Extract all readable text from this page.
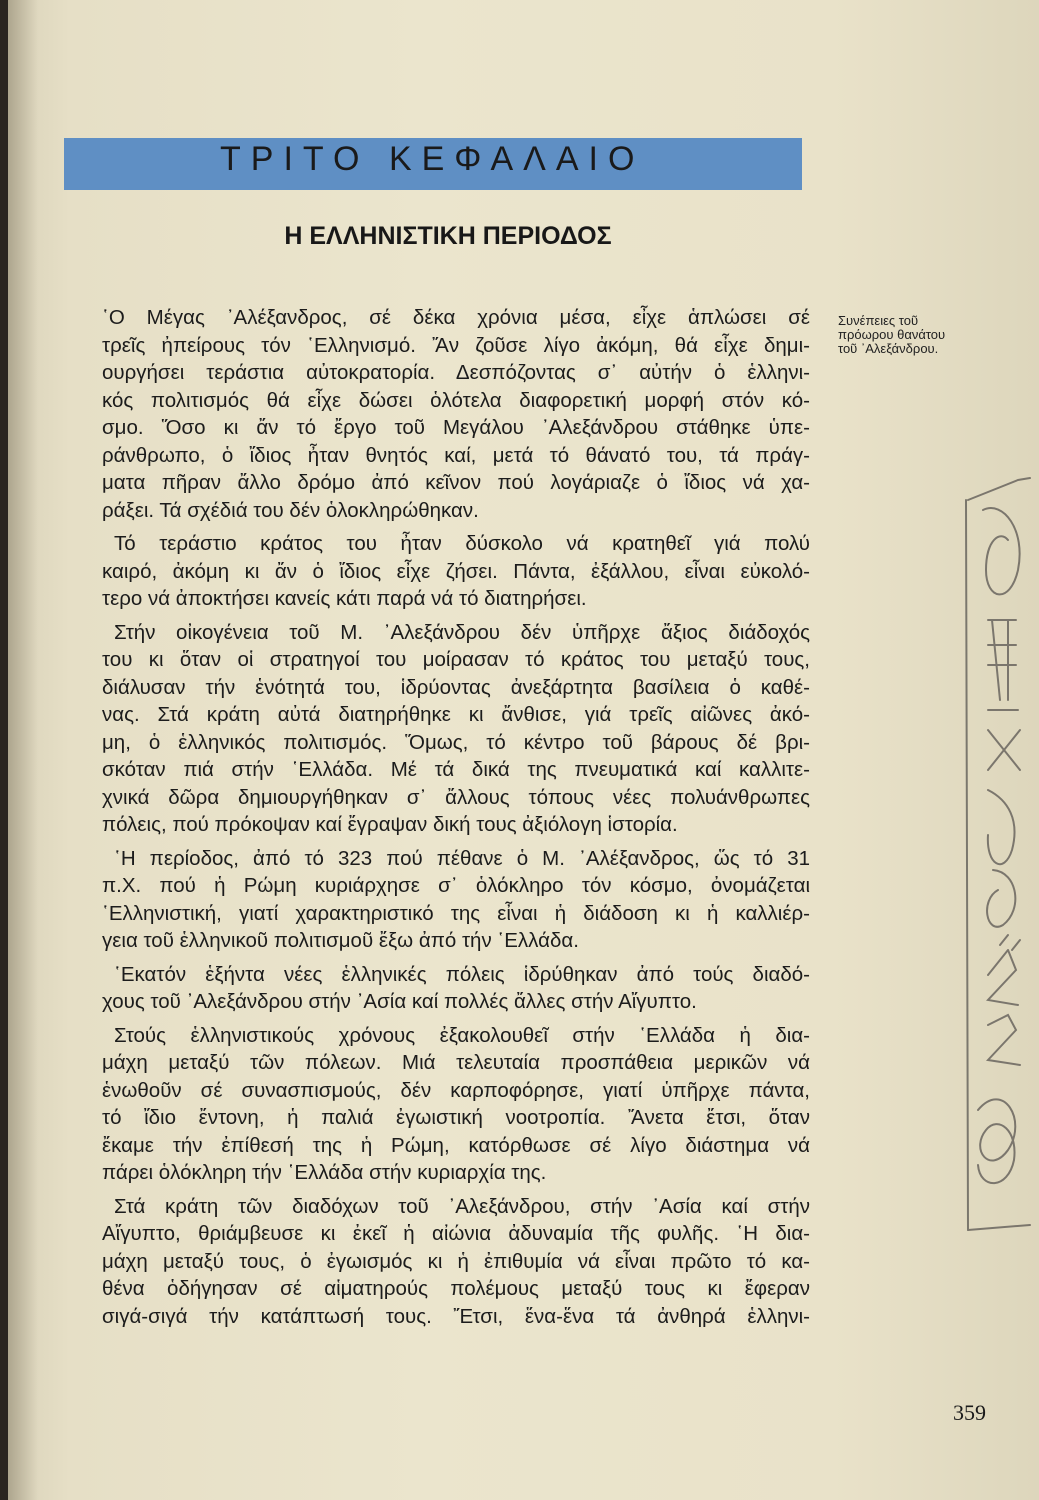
ΤΡΙΤΟ ΚΕΦΑΛΑΙΟ
Η ΕΛΛΗΝΙΣΤΙΚΗ ΠΕΡΙΟΔΟΣ

῾Ο Μέγας ᾿Αλέξανδρος, σέ δέκα χρόνια μέσα, εἶχε ἁπλώσει σέ
τρεῖς ἠπείρους τόν ῾Ελληνισμό. Ἄν ζοῦσε λίγο ἀκόμη, θά εἶχε δημι-
ουργήσει τεράστια αὐτοκρατορία. Δεσπόζοντας σ᾿ αὐτήν ὁ ἑλληνι-
κός πολιτισμός θά εἶχε δώσει ὁλότελα διαφορετική μορφή στόν κό-
σμο. Ὅσο κι ἄν τό ἔργο τοῦ Μεγάλου ᾿Αλεξάνδρου στάθηκε ὑπε-
ράνθρωπο, ὁ ἴδιος ἦταν θνητός καί, μετά τό θάνατό του, τά πράγ-
ματα πῆραν ἄλλο δρόμο ἀπό κεῖνον πού λογάριαζε ὁ ἴδιος νά χα-
ράξει. Τά σχέδιά του δέν ὁλοκληρώθηκαν.

Τό τεράστιο κράτος του ἦταν δύσκολο νά κρατηθεῖ γιά πολύ
καιρό, ἀκόμη κι ἄν ὁ ἴδιος εἶχε ζήσει. Πάντα, ἐξάλλου, εἶναι εὐκολό-
τερο νά ἀποκτήσει κανείς κάτι παρά νά τό διατηρήσει.

Στήν οἰκογένεια τοῦ Μ. ᾿Αλεξάνδρου δέν ὑπῆρχε ἄξιος διάδοχός
του κι ὅταν οἱ στρατηγοί του μοίρασαν τό κράτος του μεταξύ τους,
διάλυσαν τήν ἑνότητά του, ἱδρύοντας ἀνεξάρτητα βασίλεια ὁ καθέ-
νας. Στά κράτη αὐτά διατηρήθηκε κι ἄνθισε, γιά τρεῖς αἰῶνες ἀκό-
μη, ὁ ἑλληνικός πολιτισμός. Ὅμως, τό κέντρο τοῦ βάρους δέ βρι-
σκόταν πιά στήν ῾Ελλάδα. Μέ τά δικά της πνευματικά καί καλλιτε-
χνικά δῶρα δημιουργήθηκαν σ᾿ ἄλλους τόπους νέες πολυάνθρωπες
πόλεις, πού πρόκοψαν καί ἔγραψαν δική τους ἀξιόλογη ἱστορία.

῾Η περίοδος, ἀπό τό 323 πού πέθανε ὁ Μ. ᾿Αλέξανδρος, ὥς τό 31
π.Χ. πού ἡ Ρώμη κυριάρχησε σ᾿ ὁλόκληρο τόν κόσμο, ὀνομάζεται
῾Ελληνιστική, γιατί χαρακτηριστικό της εἶναι ἡ διάδοση κι ἡ καλλιέρ-
γεια τοῦ ἑλληνικοῦ πολιτισμοῦ ἔξω ἀπό τήν ῾Ελλάδα.

῾Εκατόν ἑξήντα νέες ἑλληνικές πόλεις ἱδρύθηκαν ἀπό τούς διαδό-
χους τοῦ ᾿Αλεξάνδρου στήν ᾿Ασία καί πολλές ἄλλες στήν Αἴγυπτο.

Στούς ἑλληνιστικούς χρόνους ἐξακολουθεῖ στήν ῾Ελλάδα ἡ δια-
μάχη μεταξύ τῶν πόλεων. Μιά τελευταία προσπάθεια μερικῶν νά
ἑνωθοῦν σέ συνασπισμούς, δέν καρποφόρησε, γιατί ὑπῆρχε πάντα,
τό ἴδιο ἔντονη, ἡ παλιά ἐγωιστική νοοτροπία. Ἄνετα ἔτσι, ὅταν
ἔκαμε τήν ἐπίθεσή της ἡ Ρώμη, κατόρθωσε σέ λίγο διάστημα νά
πάρει ὁλόκληρη τήν ῾Ελλάδα στήν κυριαρχία της.

Στά κράτη τῶν διαδόχων τοῦ ᾿Αλεξάνδρου, στήν ᾿Ασία καί στήν
Αἴγυπτο, θριάμβευσε κι ἐκεῖ ἡ αἰώνια ἀδυναμία τῆς φυλῆς. ῾Η δια-
μάχη μεταξύ τους, ὁ ἐγωισμός κι ἡ ἐπιθυμία νά εἶναι πρῶτο τό κα-
θένα ὁδήγησαν σέ αἱματηρούς πολέμους μεταξύ τους κι ἔφεραν
σιγά-σιγά τήν κατάπτωσή τους. Ἔτσι, ἕνα-ἕνα τά ἀνθηρά ἑλληνι-

Συνέπειες τοῦ
πρόωρου θανάτου
τοῦ ᾿Αλεξάνδρου.
359
